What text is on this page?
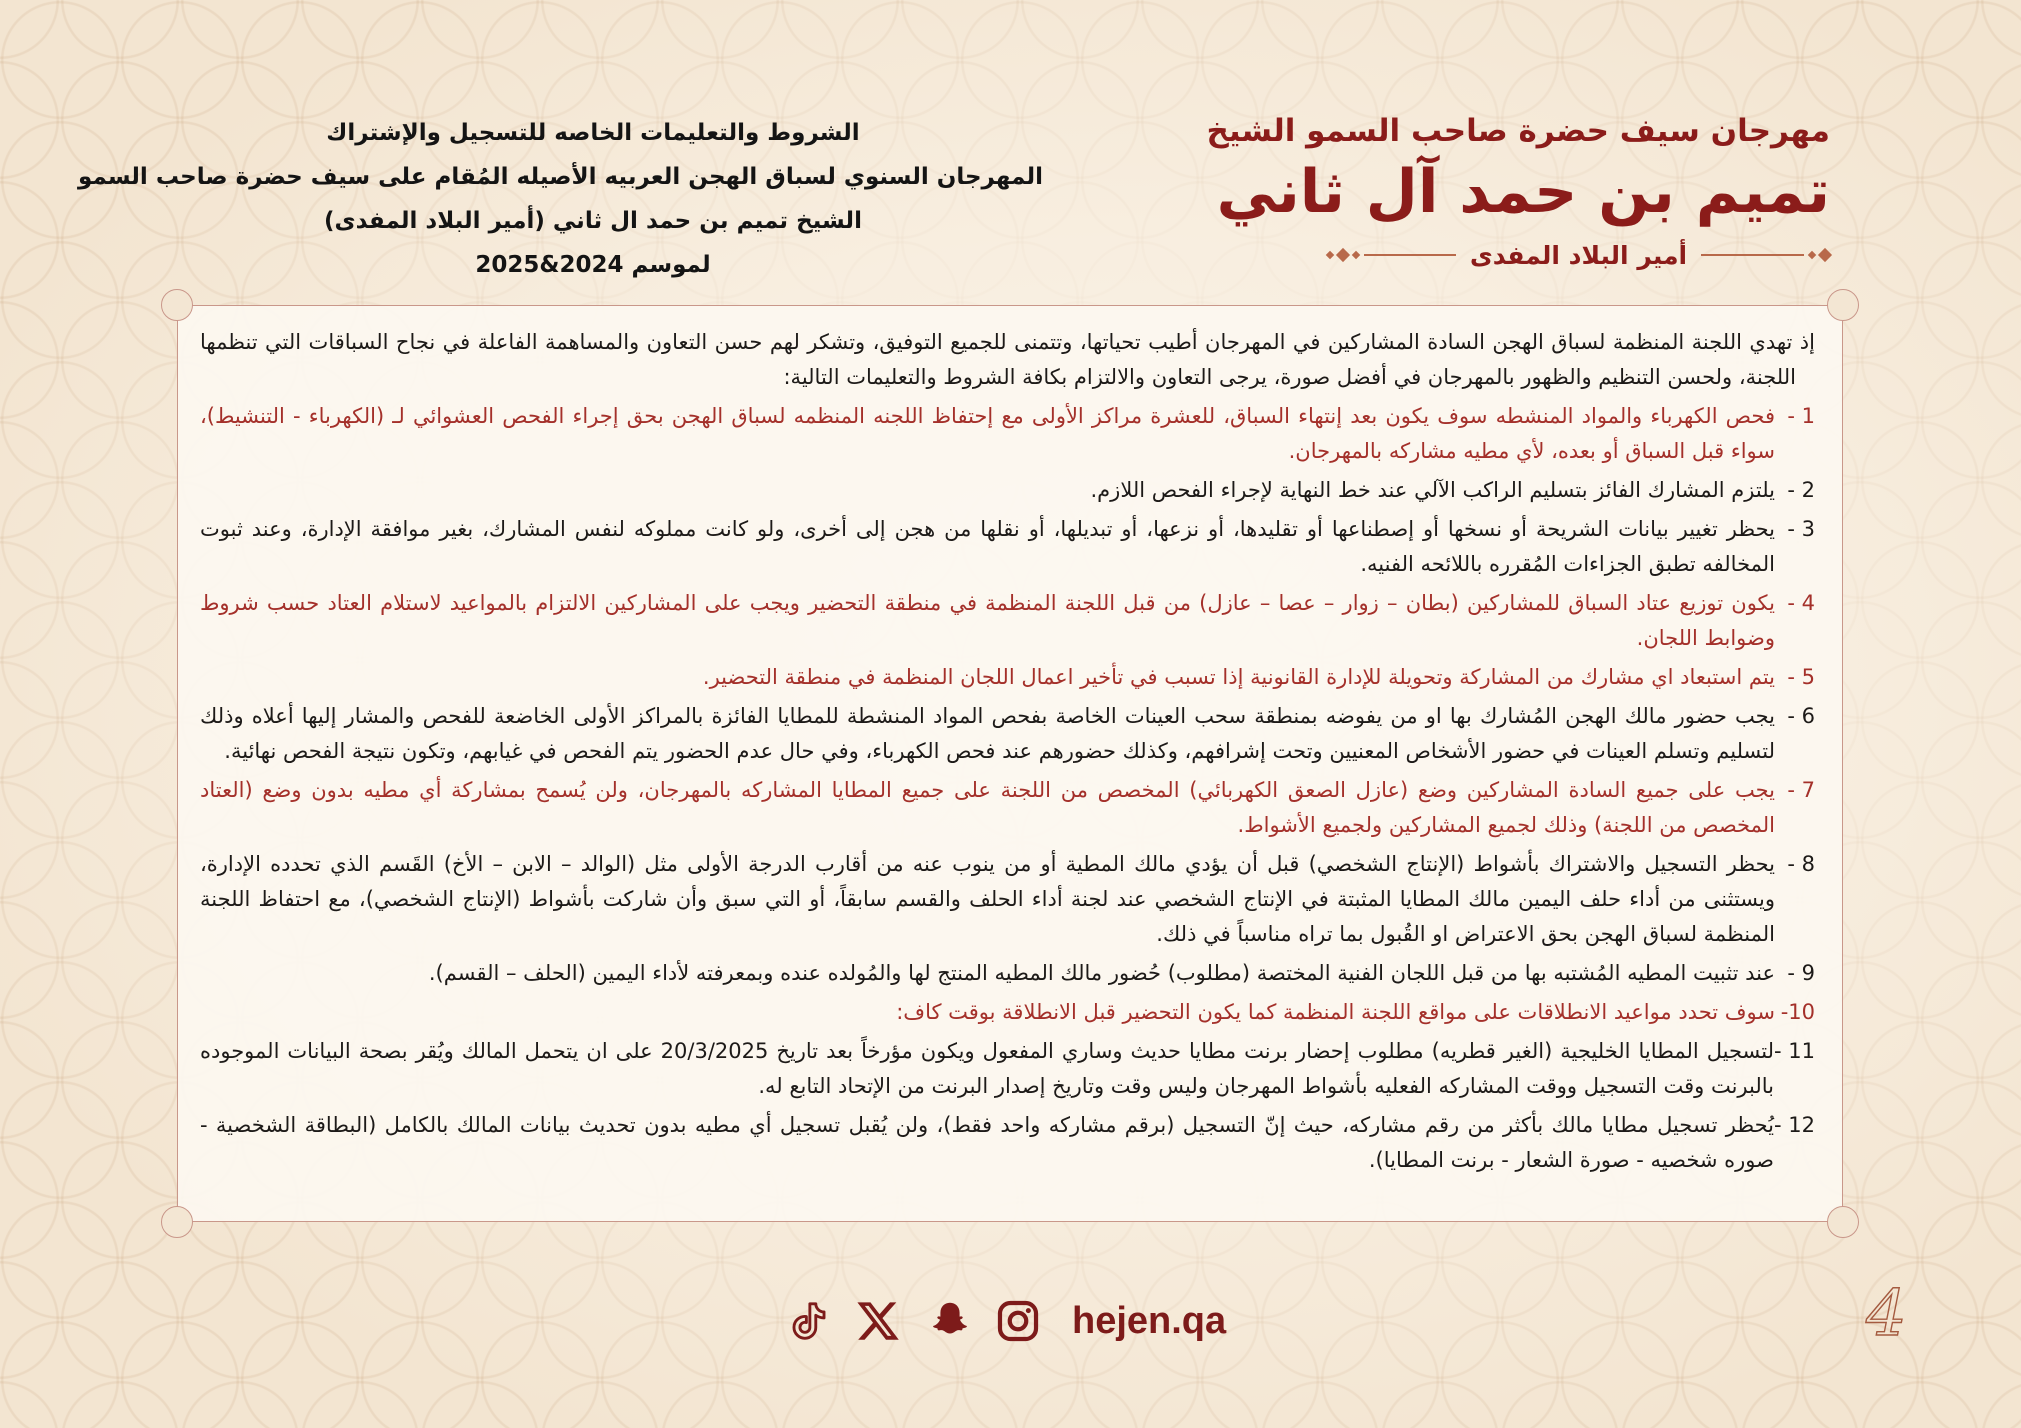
مهرجان سيف حضرة صاحب السمو الشيخ
تميم بن حمد آل ثاني
أمير البلاد المفدى
الشروط والتعليمات الخاصه للتسجيل والإشتراك
المهرجان السنوي لسباق الهجن العربيه الأصيله المُقام على سيف حضرة صاحب السمو
الشيخ تميم بن حمد ال ثاني (أمير البلاد المفدى)
لموسم 2024&2025
إذ تهدي اللجنة المنظمة لسباق الهجن السادة المشاركين في المهرجان أطيب تحياتها، وتتمنى للجميع التوفيق، وتشكر لهم حسن التعاون والمساهمة الفاعلة في نجاح السباقات التي تنظمها اللجنة، ولحسن التنظيم والظهور بالمهرجان في أفضل صورة، يرجى التعاون والالتزام بكافة الشروط والتعليمات التالية:
1 -
فحص الكهرباء والمواد المنشطه سوف يكون بعد إنتهاء السباق، للعشرة مراكز الأولى مع إحتفاظ اللجنه المنظمه لسباق الهجن بحق إجراء الفحص العشوائي لـ (الكهرباء - التنشيط)، سواء قبل السباق أو بعده، لأي مطيه مشاركه بالمهرجان.
2 -
يلتزم المشارك الفائز بتسليم الراكب الآلي عند خط النهاية لإجراء الفحص اللازم.
3 -
يحظر تغيير بيانات الشريحة أو نسخها أو إصطناعها أو تقليدها، أو نزعها، أو تبديلها، أو نقلها من هجن إلى أخرى، ولو كانت مملوكه لنفس المشارك، بغير موافقة الإدارة، وعند ثبوت المخالفه تطبق الجزاءات المُقرره باللائحه الفنيه.
4 -
يكون توزيع عتاد السباق للمشاركين (بطان – زوار – عصا – عازل) من قبل اللجنة المنظمة في منطقة التحضير ويجب على المشاركين الالتزام بالمواعيد لاستلام العتاد حسب شروط وضوابط اللجان.
5 -
يتم استبعاد اي مشارك من المشاركة وتحويلة للإدارة القانونية إذا تسبب في تأخير اعمال اللجان المنظمة في منطقة التحضير.
6 -
يجب حضور مالك الهجن المُشارك بها او من يفوضه بمنطقة سحب العينات الخاصة بفحص المواد المنشطة للمطايا الفائزة بالمراكز الأولى الخاضعة للفحص والمشار إليها أعلاه وذلك لتسليم وتسلم العينات في حضور الأشخاص المعنيين وتحت إشرافهم، وكذلك حضورهم عند فحص الكهرباء، وفي حال عدم الحضور يتم الفحص في غيابهم، وتكون نتيجة الفحص نهائية.
7 -
يجب على جميع السادة المشاركين وضع (عازل الصعق الكهربائي) المخصص من اللجنة على جميع المطايا المشاركه بالمهرجان، ولن يُسمح بمشاركة أي مطيه بدون وضع (العتاد المخصص من اللجنة) وذلك لجميع المشاركين ولجميع الأشواط.
8 -
يحظر التسجيل والاشتراك بأشواط (الإنتاج الشخصي) قبل أن يؤدي مالك المطية أو من ينوب عنه من أقارب الدرجة الأولى مثل (الوالد – الابن – الأخ) القَسم الذي تحدده الإدارة، ويستثنى من أداء حلف اليمين مالك المطايا المثبتة في الإنتاج الشخصي عند لجنة أداء الحلف والقسم سابقاً، أو التي سبق وأن شاركت بأشواط (الإنتاج الشخصي)، مع احتفاظ اللجنة المنظمة لسباق الهجن بحق الاعتراض او القُبول بما تراه مناسباً في ذلك.
9 -
عند تثبيت المطيه المُشتبه بها من قبل اللجان الفنية المختصة (مطلوب) حُضور مالك المطيه المنتج لها والمُولده عنده وبمعرفته لأداء اليمين (الحلف – القسم).
10-
سوف تحدد مواعيد الانطلاقات على مواقع اللجنة المنظمة كما يكون التحضير قبل الانطلاقة بوقت كاف:
11 -
لتسجيل المطايا الخليجية (الغير قطريه) مطلوب إحضار برنت مطايا حديث وساري المفعول ويكون مؤرخاً بعد تاريخ 20/3/2025 على ان يتحمل المالك ويُقر بصحة البيانات الموجوده بالبرنت وقت التسجيل ووقت المشاركه الفعليه بأشواط المهرجان وليس وقت وتاريخ إصدار البرنت من الإتحاد التابع له.
12 -
يُحظر تسجيل مطايا مالك بأكثر من رقم مشاركه، حيث إنّ التسجيل (برقم مشاركه واحد فقط)، ولن يُقبل تسجيل أي مطيه بدون تحديث بيانات المالك بالكامل (البطاقة الشخصية - صوره شخصيه - صورة الشعار - برنت المطايا).
hejen.qa	4
